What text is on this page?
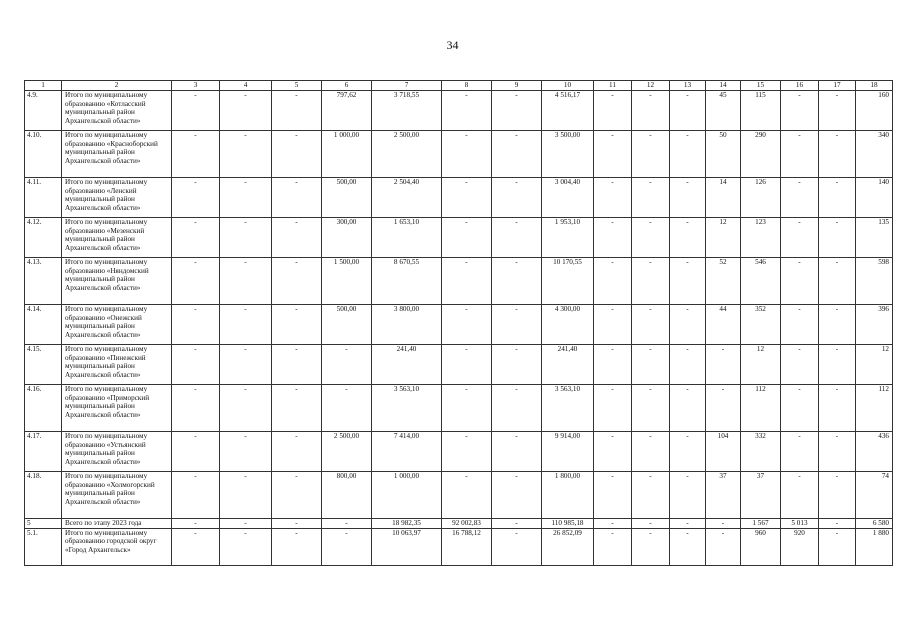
34
1	2	3	4	5	6	7	8	9	10	11	12	13	14	15	16	17	18
4.9.	Итого по муниципальному образованию «Котласский муниципальный район Архангельской области»	-	-	-	797,62	3 718,55	-	-	4 516,17	-	-	-	45	115	-	-	160
4.10.	Итого по муниципальному образованию «Красноборский муниципальный район Архангельской области»	-	-	-	1 000,00	2 500,00	-	-	3 500,00	-	-	-	50	290	-	-	340
4.11.	Итого по муниципальному образованию «Ленский муниципальный район Архангельской области»	-	-	-	500,00	2 504,40	-	-	3 004,40	-	-	-	14	126	-	-	140
4.12.	Итого по муниципальному образованию «Мезенский муниципальный район Архангельской области»	-	-	-	300,00	1 653,10	-	-	1 953,10	-	-	-	12	123	-	-	135
4.13.	Итого по муниципальному образованию «Няндомский муниципальный район Архангельской области»	-	-	-	1 500,00	8 670,55	-	-	10 170,55	-	-	-	52	546	-	-	598
4.14.	Итого по муниципальному образованию «Онежский муниципальный район Архангельской области»	-	-	-	500,00	3 800,00	-	-	4 300,00	-	-	-	44	352	-	-	396
4.15.	Итого по муниципальному образованию «Пинежский муниципальный район Архангельской области»	-	-	-	-	241,40	-	-	241,40	-	-	-	-	12	-	-	12
4.16.	Итого по муниципальному образованию «Приморский муниципальный район Архангельской области»	-	-	-	-	3 563,10	-	-	3 563,10	-	-	-	-	112	-	-	112
4.17.	Итого по муниципальному образованию «Устьянский муниципальный район Архангельской области»	-	-	-	2 500,00	7 414,00	-	-	9 914,00	-	-	-	104	332	-	-	436
4.18.	Итого по муниципальному образованию «Холмогорский муниципальный район Архангельской области»	-	-	-	800,00	1 000,00	-	-	1 800,00	-	-	-	37	37	-	-	74
5	Всего по этапу 2023 года	-	-	-	-	18 982,35	92 002,83	-	110 985,18	-	-	-	-	1 567	5 013	-	6 580
5.1.	Итого по муниципальному образованию городской округ «Город Архангельск»	-	-	-	-	10 063,97	16 788,12	-	26 852,09	-	-	-	-	960	920	-	1 880
